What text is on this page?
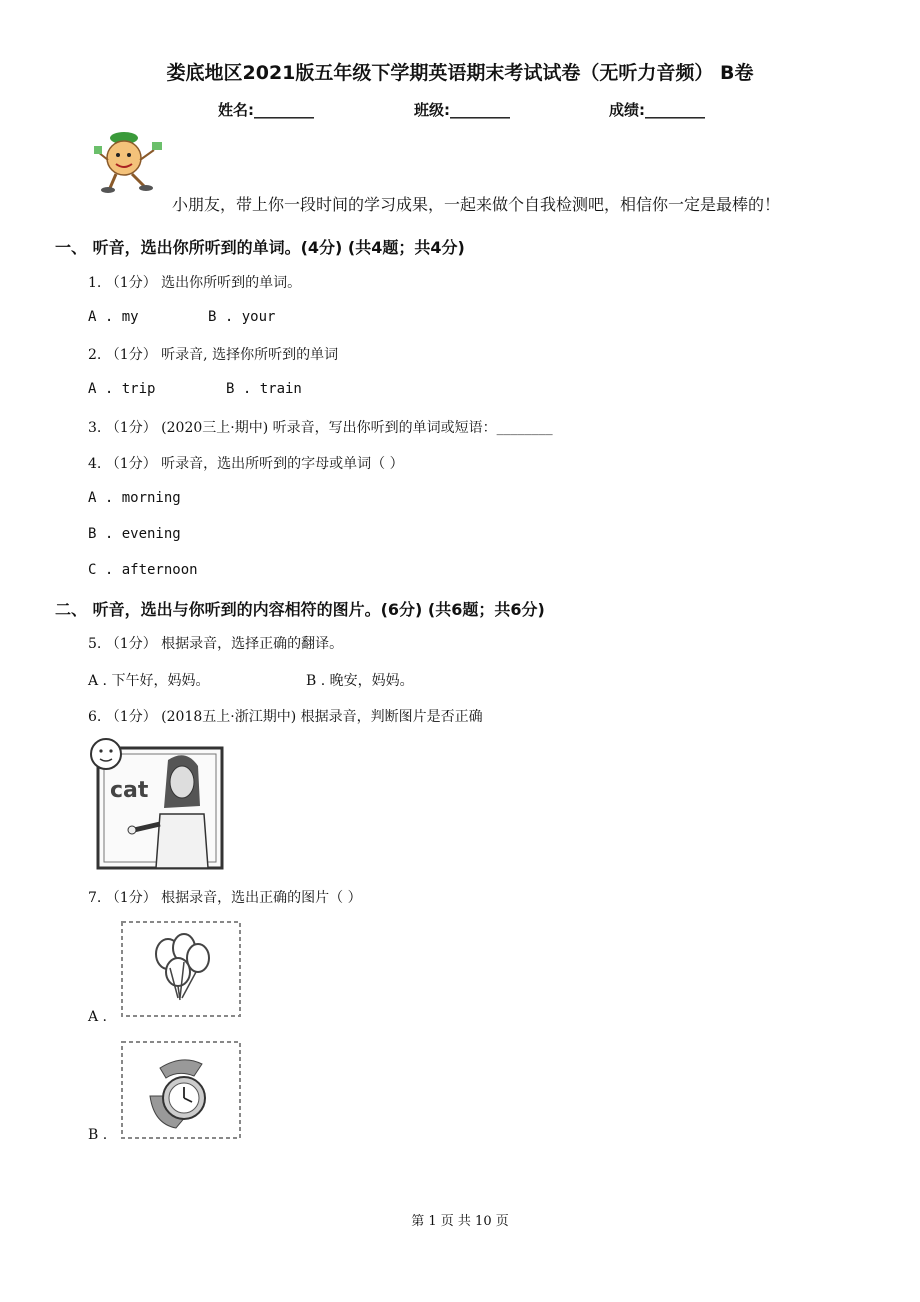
娄底地区2021版五年级下学期英语期末考试试卷（无听力音频） B卷
姓名:________	班级:________	成绩:________
小朋友，带上你一段时间的学习成果，一起来做个自我检测吧，相信你一定是最棒的！
一、 听音，选出你所听到的单词。(4分) (共4题；共4分)
1. （1分） 选出你所听到的单词。
A . my	B . your
2. （1分） 听录音, 选择你所听到的单词
A . trip	B . train
3. （1分） (2020三上·期中) 听录音，写出你听到的单词或短语：________
4. （1分） 听录音，选出所听到的字母或单词（ ）
A . morning
B . evening
C . afternoon
二、 听音，选出与你听到的内容相符的图片。(6分) (共6题；共6分)
5. （1分） 根据录音，选择正确的翻译。
A . 下午好，妈妈。	B . 晚安，妈妈。
6. （1分） (2018五上·浙江期中) 根据录音，判断图片是否正确
cat
7. （1分） 根据录音，选出正确的图片（ ）
A .
B .
第 1 页 共 10 页
